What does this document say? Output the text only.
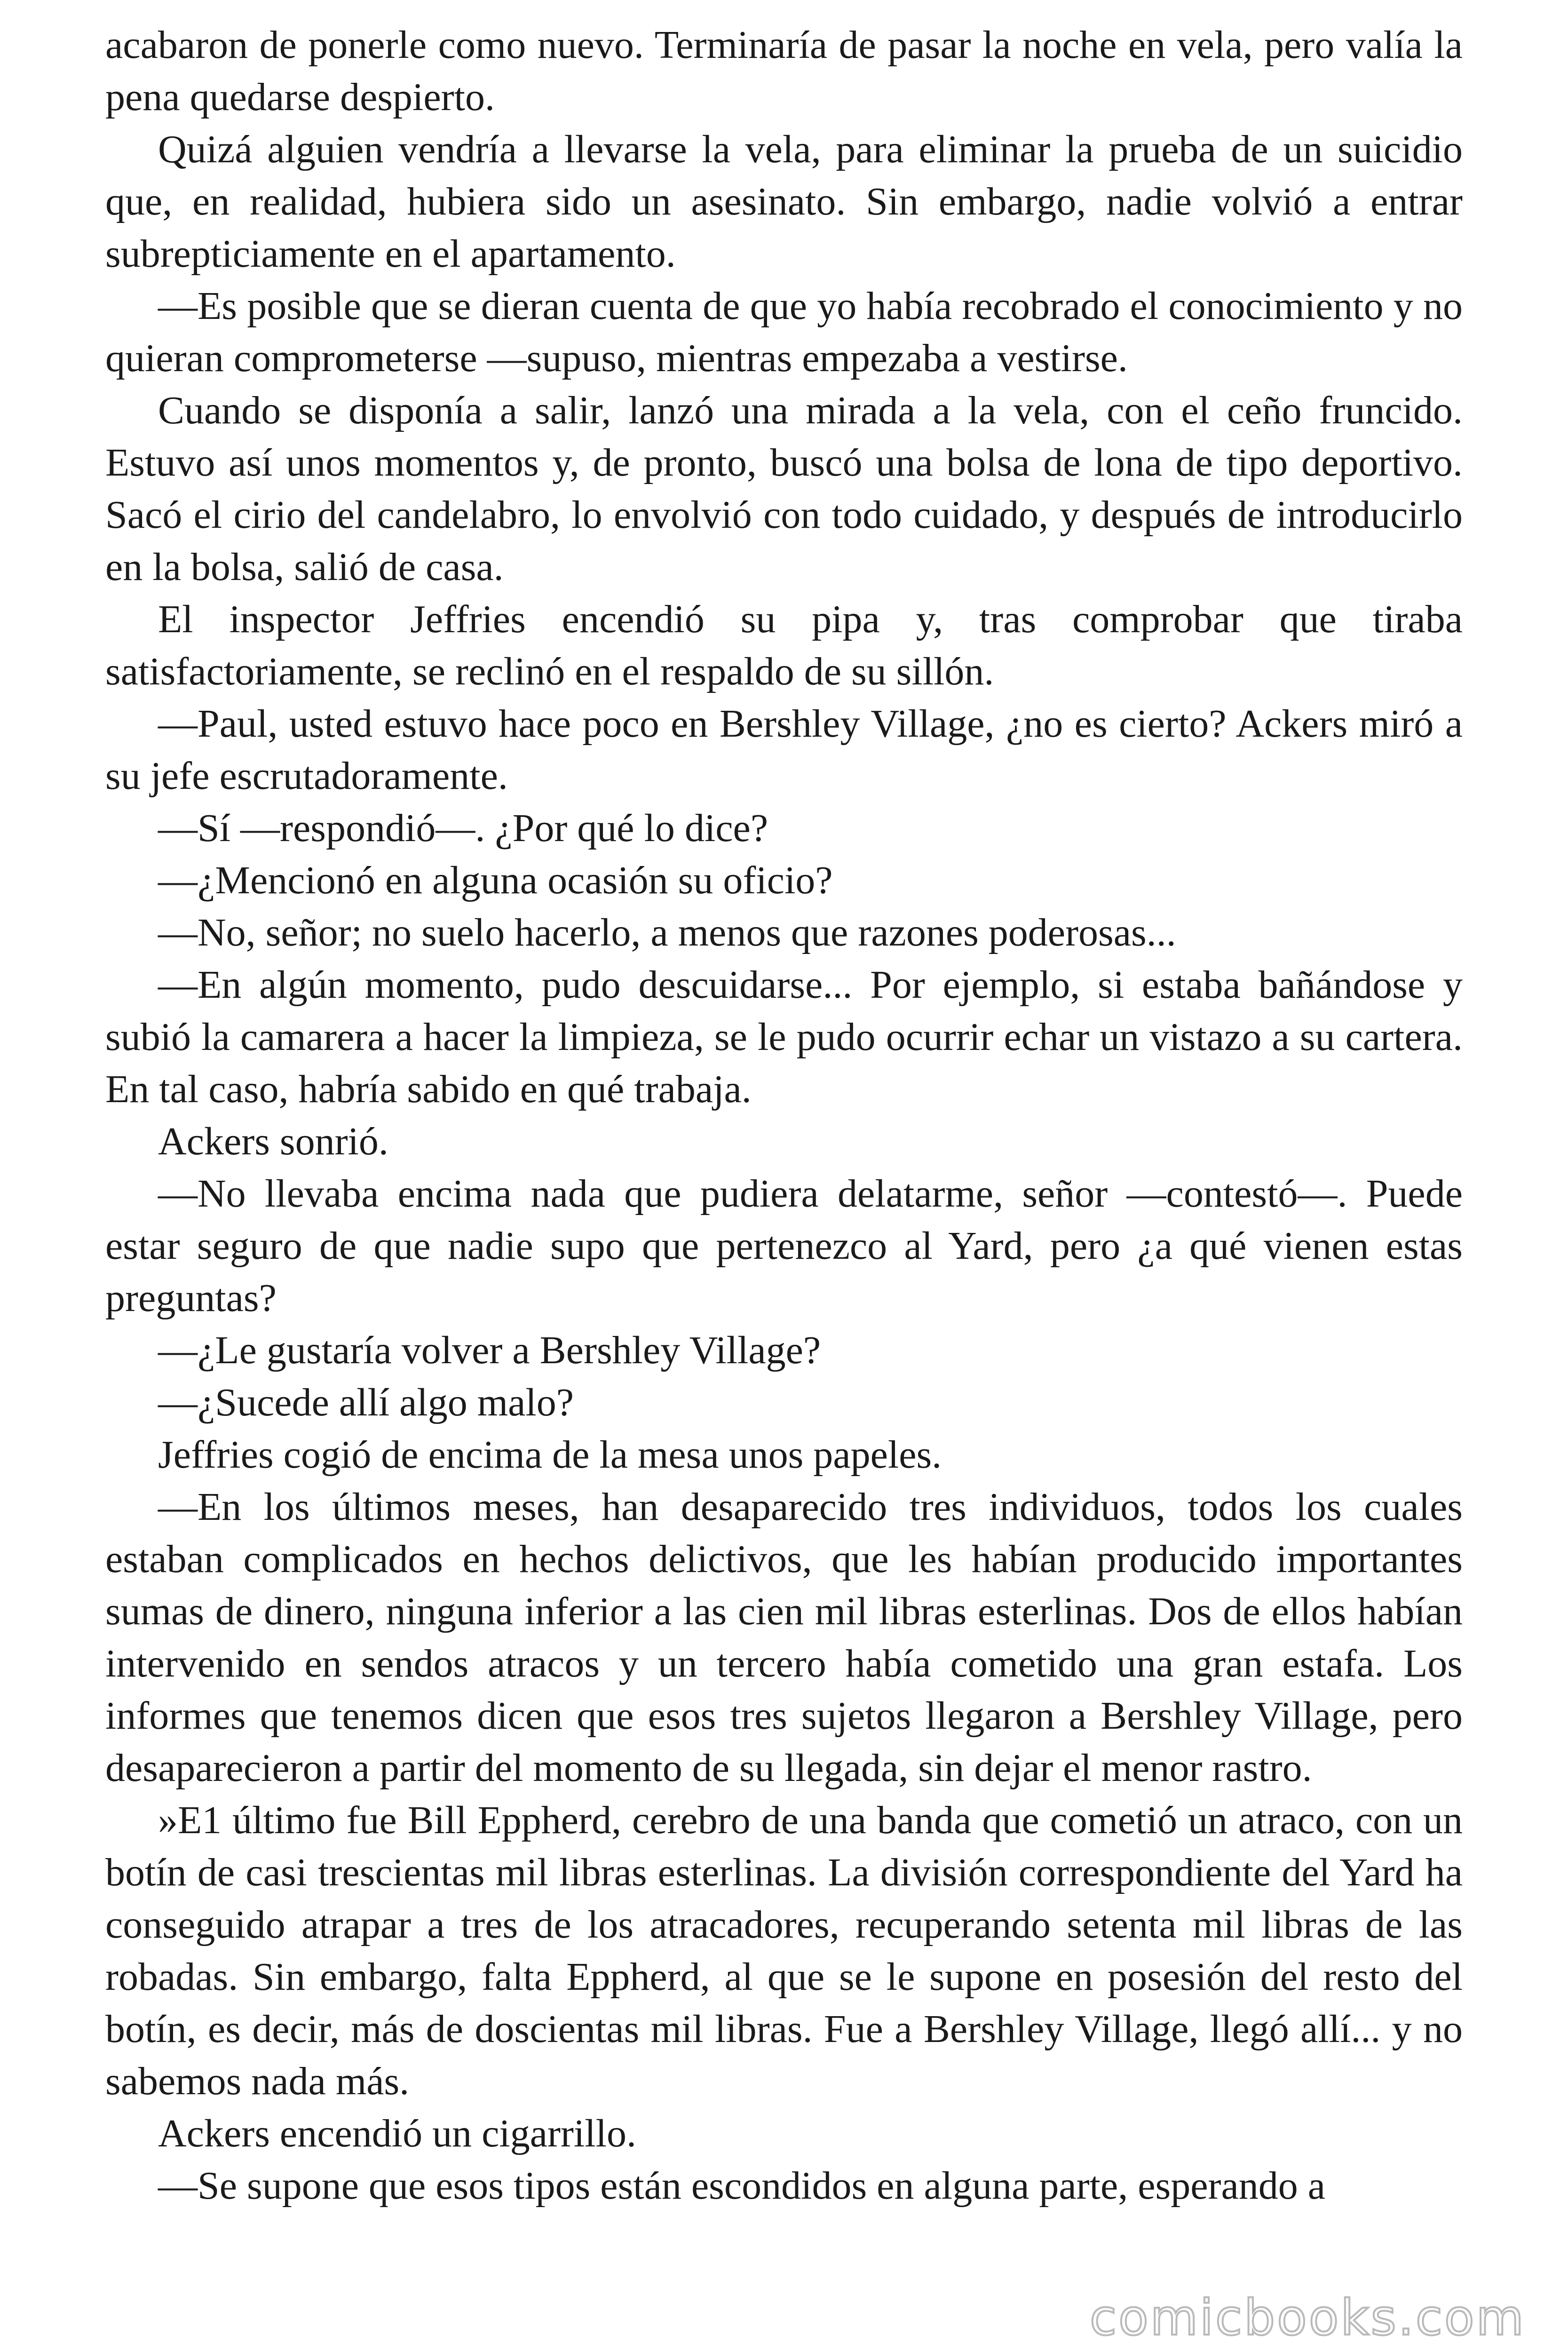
acabaron de ponerle como nuevo. Terminaría de pasar la noche en vela, pero valía la pena quedarse despierto.

Quizá alguien vendría a llevarse la vela, para eliminar la prueba de un suicidio que, en realidad, hubiera sido un asesinato. Sin embargo, nadie volvió a entrar subrepticiamente en el apartamento.

—Es posible que se dieran cuenta de que yo había recobrado el conocimiento y no quieran comprometerse —supuso, mientras empezaba a vestirse.

Cuando se disponía a salir, lanzó una mirada a la vela, con el ceño fruncido. Estuvo así unos momentos y, de pronto, buscó una bolsa de lona de tipo deportivo. Sacó el cirio del candelabro, lo envolvió con todo cuidado, y después de introducirlo en la bolsa, salió de casa.

El inspector Jeffries encendió su pipa y, tras comprobar que tiraba satisfactoriamente, se reclinó en el respaldo de su sillón.

—Paul, usted estuvo hace poco en Bershley Village, ¿no es cierto? Ackers miró a su jefe escrutadoramente.

—Sí —respondió—. ¿Por qué lo dice?

—¿Mencionó en alguna ocasión su oficio?

—No, señor; no suelo hacerlo, a menos que razones poderosas...

—En algún momento, pudo descuidarse... Por ejemplo, si estaba bañándose y subió la camarera a hacer la limpieza, se le pudo ocurrir echar un vistazo a su cartera. En tal caso, habría sabido en qué trabaja.

Ackers sonrió.

—No llevaba encima nada que pudiera delatarme, señor —contestó—. Puede estar seguro de que nadie supo que pertenezco al Yard, pero ¿a qué vienen estas preguntas?

—¿Le gustaría volver a Bershley Village?

—¿Sucede allí algo malo?

Jeffries cogió de encima de la mesa unos papeles.

—En los últimos meses, han desaparecido tres individuos, todos los cuales estaban complicados en hechos delictivos, que les habían producido importantes sumas de dinero, ninguna inferior a las cien mil libras esterlinas. Dos de ellos habían intervenido en sendos atracos y un tercero había cometido una gran estafa. Los informes que tenemos dicen que esos tres sujetos llegaron a Bershley Village, pero desaparecieron a partir del momento de su llegada, sin dejar el menor rastro.

»E1 último fue Bill Eppherd, cerebro de una banda que cometió un atraco, con un botín de casi trescientas mil libras esterlinas. La división correspondiente del Yard ha conseguido atrapar a tres de los atracadores, recuperando setenta mil libras de las robadas. Sin embargo, falta Eppherd, al que se le supone en posesión del resto del botín, es decir, más de doscientas mil libras. Fue a Bershley Village, llegó allí... y no sabemos nada más.

Ackers encendió un cigarrillo.

—Se supone que esos tipos están escondidos en alguna parte, esperando a

comicbooks.com
